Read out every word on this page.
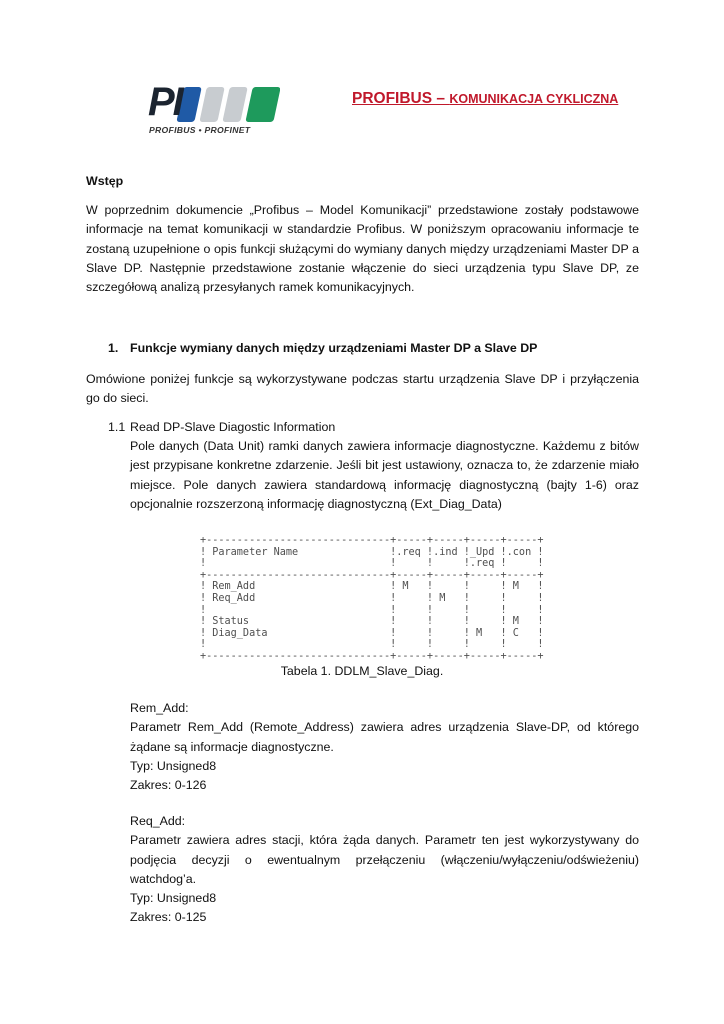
PI
PROFIBUS • PROFINET
PROFIBUS – KOMUNIKACJA CYKLICZNA
Wstęp

W poprzednim dokumencie „Profibus – Model Komunikacji” przedstawione zostały podstawowe informacje na temat komunikacji w standardzie Profibus. W poniższym opracowaniu informacje te zostaną uzupełnione o opis funkcji służącymi do wymiany danych między urządzeniami Master DP a Slave DP. Następnie przedstawione zostanie włączenie do sieci urządzenia typu Slave DP, ze szczegółową analizą przesyłanych ramek komunikacyjnych.

1. Funkcje wymiany danych między urządzeniami Master DP a Slave DP

Omówione poniżej funkcje są wykorzystywane podczas startu urządzenia Slave DP i przyłączenia go do sieci.

1.1 Read DP-Slave Diagostic Information

Pole danych (Data Unit) ramki danych zawiera informacje diagnostyczne. Każdemu z bitów jest przypisane konkretne zdarzenie. Jeśli bit jest ustawiony, oznacza to, że zdarzenie miało miejsce. Pole danych zawiera standardową informację diagnostyczną (bajty 1-6) oraz opcjonalnie rozszerzoną informację diagnostyczną (Ext_Diag_Data)

+------------------------------+-----+-----+-----+-----+
! Parameter Name               !.req !.ind !_Upd !.con !
!                              !     !     !.req !     !
+------------------------------+-----+-----+-----+-----+
! Rem_Add                      ! M   !     !     ! M   !
! Req_Add                      !     ! M   !     !     !
!                              !     !     !     !     !
! Status                       !     !     !     ! M   !
! Diag_Data                    !     !     ! M   ! C   !
!                              !     !     !     !     !
+------------------------------+-----+-----+-----+-----+
Tabela 1. DDLM_Slave_Diag.
Rem_Add:

Parametr Rem_Add (Remote_Address) zawiera adres urządzenia Slave-DP, od którego żądane są informacje diagnostyczne.

Typ: Unsigned8
Zakres: 0-126
Req_Add:

Parametr zawiera adres stacji, która żąda danych. Parametr ten jest wykorzystywany do podjęcia decyzji o ewentualnym przełączeniu (włączeniu/wyłączeniu/odświeżeniu) watchdog’a.

Typ: Unsigned8
Zakres: 0-125
